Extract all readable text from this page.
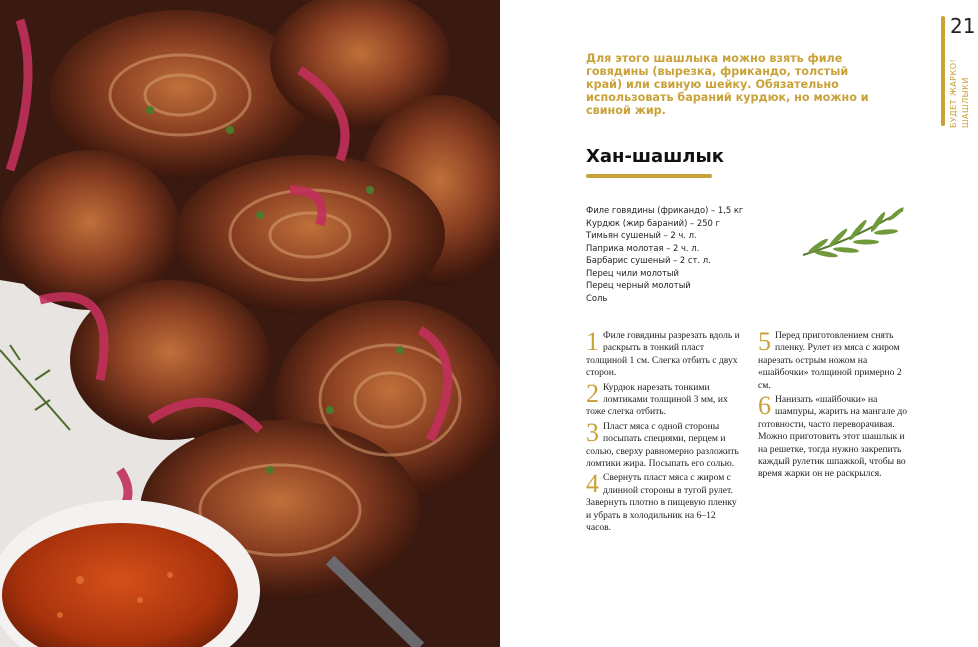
21
БУДЕТ ЖАРКО! ШАШЛЫКИ
Для этого шашлыка можно взять филе говядины (вырезка, фрикандо, толстый край) или свиную шейку. Обязательно использовать бараний курдюк, но можно и свиной жир.
Хан-шашлык
Филе говядины (фрикандо) – 1,5 кг
Курдюк (жир бараний) – 250 г
Тимьян сушеный – 2 ч. л.
Паприка молотая – 2 ч. л.
Барбарис сушеный – 2 ст. л.
Перец чили молотый
Перец черный молотый
Соль
1 Филе говядины разрезать вдоль и раскрыть в тонкий пласт толщиной 1 см. Слегка отбить с двух сторон.
2 Курдюк нарезать тонкими ломтиками толщиной 3 мм, их тоже слегка отбить.
3 Пласт мяса с одной стороны посыпать специями, перцем и солью, сверху равномерно разложить ломтики жира. Посыпать его солью.
4 Свернуть пласт мяса с жиром с длинной стороны в тугой рулет. Завернуть плотно в пищевую пленку и убрать в холодильник на 6–12 часов.
5 Перед приготовлением снять пленку. Рулет из мяса с жиром нарезать острым ножом на «шайбочки» толщиной примерно 2 см.
6 Нанизать «шайбочки» на шампуры, жарить на мангале до готовности, часто переворачивая. Можно приготовить этот шашлык и на решетке, тогда нужно закрепить каждый рулетик шпажкой, чтобы во время жарки он не раскрылся.
